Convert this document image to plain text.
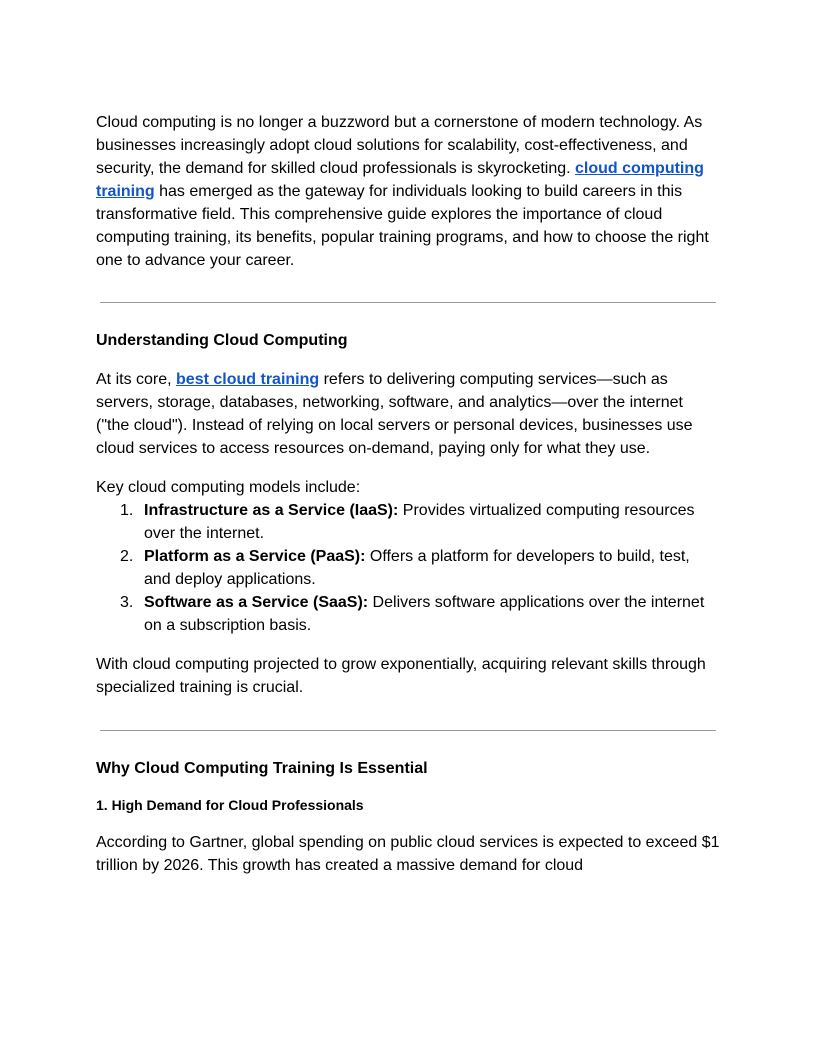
Cloud computing is no longer a buzzword but a cornerstone of modern technology. As businesses increasingly adopt cloud solutions for scalability, cost-effectiveness, and security, the demand for skilled cloud professionals is skyrocketing. cloud computing training has emerged as the gateway for individuals looking to build careers in this transformative field. This comprehensive guide explores the importance of cloud computing training, its benefits, popular training programs, and how to choose the right one to advance your career.

Understanding Cloud Computing

At its core, best cloud training refers to delivering computing services—such as servers, storage, databases, networking, software, and analytics—over the internet ("the cloud"). Instead of relying on local servers or personal devices, businesses use cloud services to access resources on-demand, paying only for what they use.

Key cloud computing models include:

1. Infrastructure as a Service (IaaS): Provides virtualized computing resources over the internet.
2. Platform as a Service (PaaS): Offers a platform for developers to build, test, and deploy applications.
3. Software as a Service (SaaS): Delivers software applications over the internet on a subscription basis.

With cloud computing projected to grow exponentially, acquiring relevant skills through specialized training is crucial.

Why Cloud Computing Training Is Essential
1. High Demand for Cloud Professionals

According to Gartner, global spending on public cloud services is expected to exceed $1 trillion by 2026. This growth has created a massive demand for cloud
